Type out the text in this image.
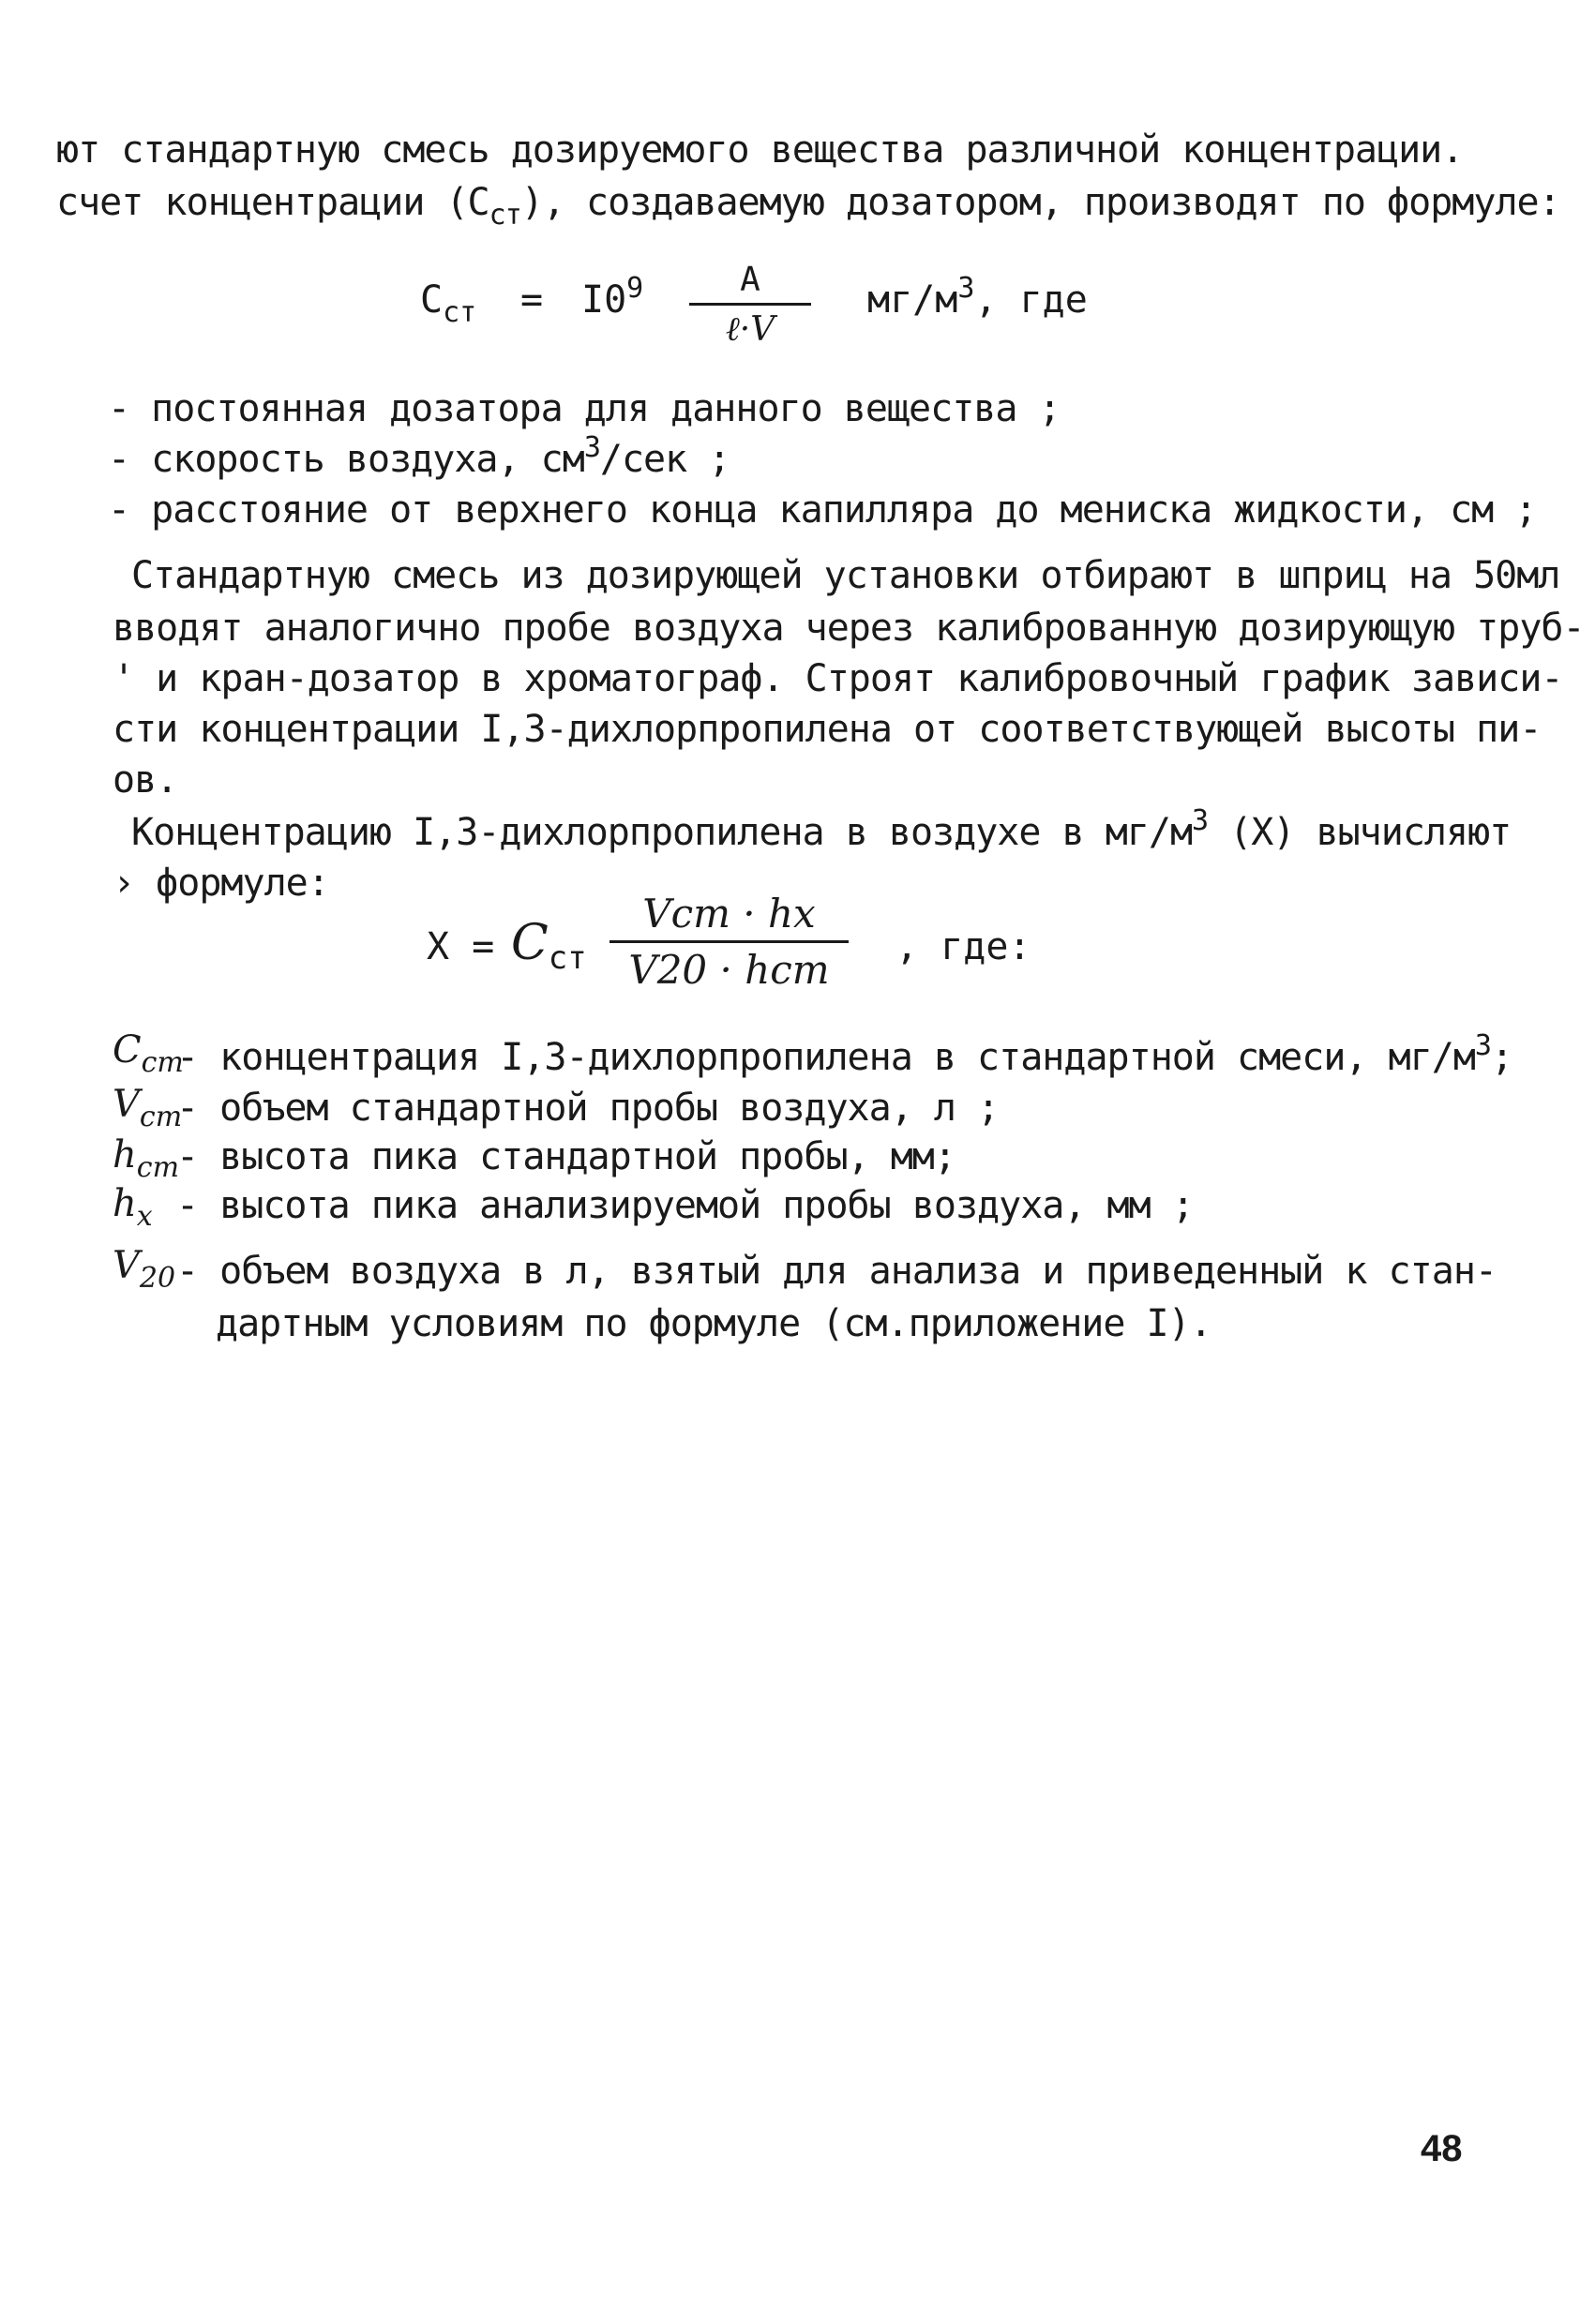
ют стандартную смесь дозируемого вещества различной концентрации.
счет концентрации $(С_{ст})$, создаваемую дозатором, производят по формуле:
$С_{ст} = I0^9$	А
ℓ·V
$мг/м^3$, где
- постоянная дозатора для данного вещества ;
- скорость воздуха, $см^3$/сек ;
- расстояние от верхнего конца капилляра до мениска жидкости, см ;
Стандартную смесь из дозирующей установки отбирают в шприц на 50мл
вводят аналогично пробе воздуха через калиброванную дозирующую труб-
' и кран-дозатор в хроматограф. Строят калибровочный график зависи-
сти концентрации I,3-дихлорпропилена от соответствующей высоты пи-
ов.
Концентрацию I,3-дихлорпропилена в воздухе в $мг/м^3$ (Х) вычисляют
› формуле:
Х = Сст
Vст · hх
V20 · hст	, где:
$С_{ст}$
- концентрация I,3-дихлорпропилена в стандартной смеси, $мг/м^3$;
$V_{ст}$
- объем стандартной пробы воздуха, л ;
$h_{ст}$
- высота пика стандартной пробы, мм;
$h_х$ - высота пика анализируемой пробы воздуха, мм ;
$V_{20}$ - объем воздуха в л, взятый для анализа и приведенный к стан-
дартным условиям по формуле (см.приложение I).
48
